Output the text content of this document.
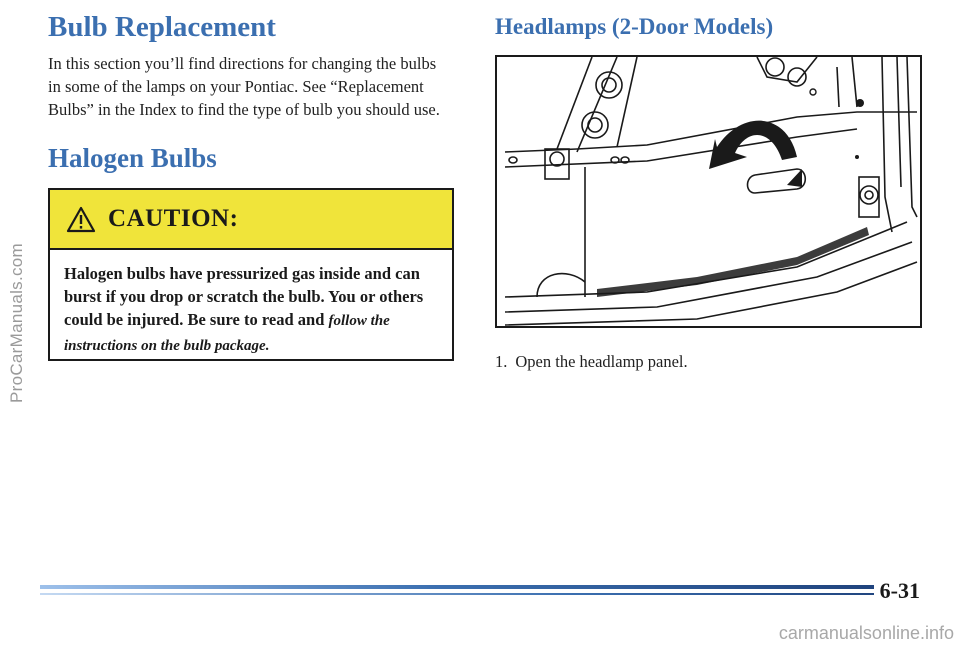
ProCarManuals.com
Bulb Replacement

In this section you’ll find directions for changing the bulbs in some of the lamps on your Pontiac. See “Replacement Bulbs” in the Index to find the type of bulb you should use.

Halogen Bulbs
CAUTION:

Halogen bulbs have pressurized gas inside and can burst if you drop or scratch the bulb. You or others could be injured. Be sure to read and follow the instructions on the bulb package.

Headlamps (2-Door Models)

1. Open the headlamp panel.

6-31
carmanualsonline.info
